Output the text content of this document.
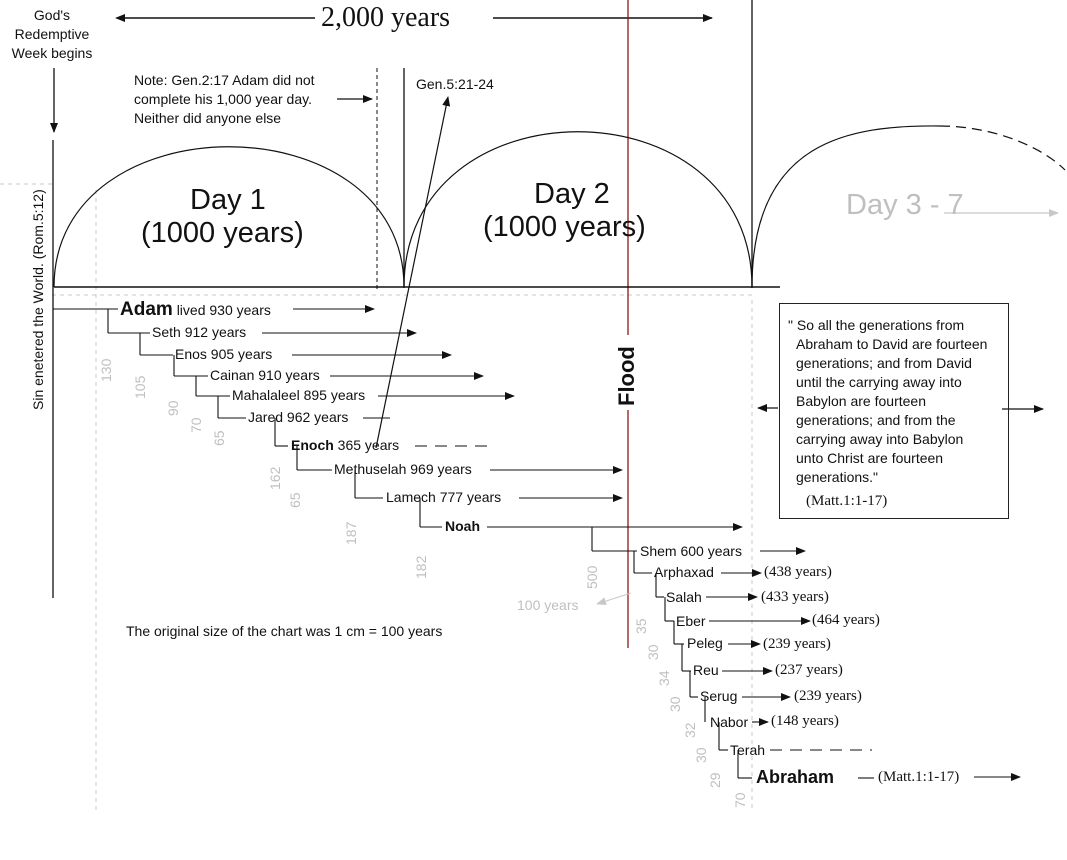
God's
Redemptive
Week begins
2,000 years
Note: Gen.2:17 Adam did not
complete his 1,000 year day.
Neither did anyone else
Gen.5:21-24
Day 1
(1000 years)
Day 2
(1000 years)
Day 3 - 7
Sin enetered the World. (Rom.5:12)	Flood
Adam lived 930 years
Seth 912 years
Enos 905 years
Cainan 910 years
Mahalaleel 895 years
Jared 962 years
Enoch 365 years
Methuselah 969 years
Lamech 777 years
Noah
Shem 600 years
Arphaxad	(438 years)
Salah	(433 years)
Eber	(464 years)
Peleg	(239 years)
Reu	(237 years)
Serug	(239 years)
Nabor (148 years)
Terah
Abraham	(Matt.1:1-17)
130
105
90
70
65
162
65
187
182	500
35
30
34
30
32
30
29
70
100 years
The original size of the chart was 1 cm = 100 years
" So all the generations from
Abraham to David are fourteen
generations; and from David
until the carrying away into
Babylon are fourteen
generations; and from the
carrying away into Babylon
unto Christ are fourteen
generations."
(Matt.1:1-17)
